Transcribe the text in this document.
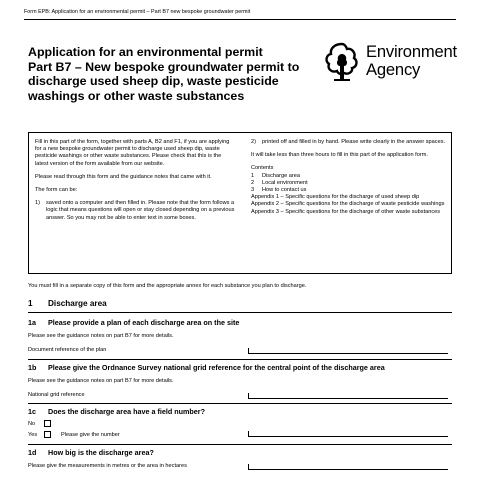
Form EPB: Application for an environmental permit – Part B7 new bespoke groundwater permit
Application for an environmental permit
Part B7 – New bespoke groundwater permit to
discharge used sheep dip, waste pesticide
washings or other waste substances
Environment
Agency

Fill in this part of the form, together with parts A, B2 and F1, if you are applying for a new bespoke groundwater permit to discharge used sheep dip, waste pesticide washings or other waste substances. Please check that this is the latest version of the form available from our website.

Please read through this form and the guidance notes that came with it.

The form can be:

1)	saved onto a computer and then filled in. Please note that the form follows a logic that means questions will open or stay closed depending on a previous answer. So you may not be able to enter text in some boxes.
2)	printed off and filled in by hand. Please write clearly in the answer spaces.

It will take less than three hours to fill in this part of the application form.

Contents

1	Discharge area
2	Local environment
3	How to contact us
Appendix 1 – Specific questions for the discharge of used sheep dip
Appendix 2 – Specific questions for the discharge of waste pesticide washings
Appendix 3 – Specific questions for the discharge of other waste substances
You must fill in a separate copy of this form and the appropriate annex for each substance you plan to discharge.
1	Discharge area
1a	Please provide a plan of each discharge area on the site
Please see the guidance notes on part B7 for more details.
Document reference of the plan
1b	Please give the Ordnance Survey national grid reference for the central point of the discharge area
Please see the guidance notes on part B7 for more details.
National grid reference
1c	Does the discharge area have a field number?
No
Yes	Please give the number
1d	How big is the discharge area?
Please give the measurements in metres or the area in hectares
